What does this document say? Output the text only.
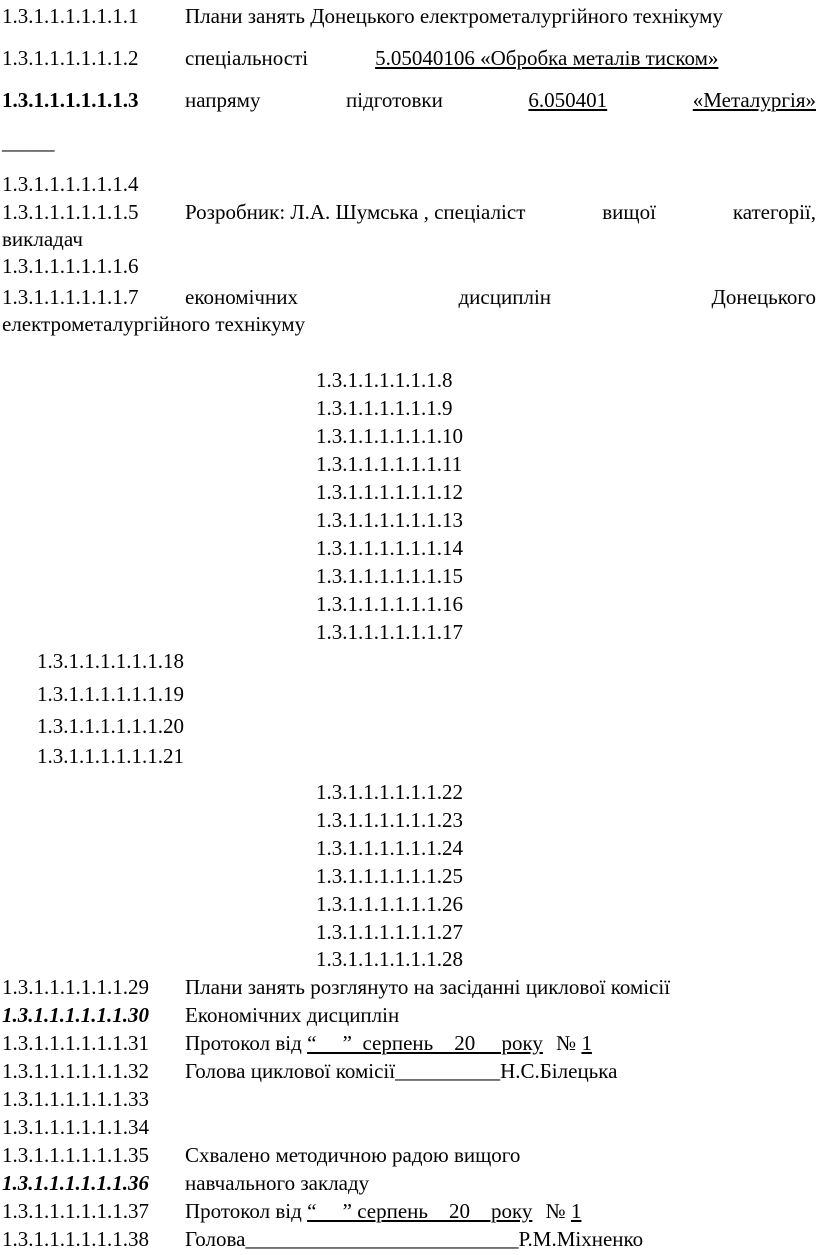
1.3.1.1.1.1.1.1.1 Плани занять Донецького електрометалургійного технікуму
1.3.1.1.1.1.1.1.2 спеціальності	5.05040106 «Обробка металів тиском»
1.3.1.1.1.1.1.1.3	напряму	підготовки	6.050401	«Металургія»
_____
1.3.1.1.1.1.1.1.4
1.3.1.1.1.1.1.1.5	Розробник: Л.А. Шумська , спеціаліст	вищої	категорії,
викладач
1.3.1.1.1.1.1.1.6
1.3.1.1.1.1.1.1.7	економічних	дисциплін	Донецького
електрометалургійного технікуму
1.3.1.1.1.1.1.1.8
1.3.1.1.1.1.1.1.9
1.3.1.1.1.1.1.1.10
1.3.1.1.1.1.1.1.11
1.3.1.1.1.1.1.1.12
1.3.1.1.1.1.1.1.13
1.3.1.1.1.1.1.1.14
1.3.1.1.1.1.1.1.15
1.3.1.1.1.1.1.1.16
1.3.1.1.1.1.1.1.17
1.3.1.1.1.1.1.1.18
1.3.1.1.1.1.1.1.19
1.3.1.1.1.1.1.1.20
1.3.1.1.1.1.1.1.21
1.3.1.1.1.1.1.1.22
1.3.1.1.1.1.1.1.23
1.3.1.1.1.1.1.1.24
1.3.1.1.1.1.1.1.25
1.3.1.1.1.1.1.1.26
1.3.1.1.1.1.1.1.27
1.3.1.1.1.1.1.1.28
1.3.1.1.1.1.1.1.29 Плани занять розглянуто на засіданні циклової комісії
1.3.1.1.1.1.1.1.30 Економічних дисциплін
1.3.1.1.1.1.1.1.31 Протокол від “     ”  серпень    20     року № 1
1.3.1.1.1.1.1.1.32 Голова циклової комісії__________Н.С.Білецька
1.3.1.1.1.1.1.1.33
1.3.1.1.1.1.1.1.34
1.3.1.1.1.1.1.1.35 Схвалено методичною радою вищого
1.3.1.1.1.1.1.1.36 навчального закладу
1.3.1.1.1.1.1.1.37 Протокол від “     ” серпень    20    року № 1
1.3.1.1.1.1.1.1.38 Голова__________________________Р.М.Міхненко
